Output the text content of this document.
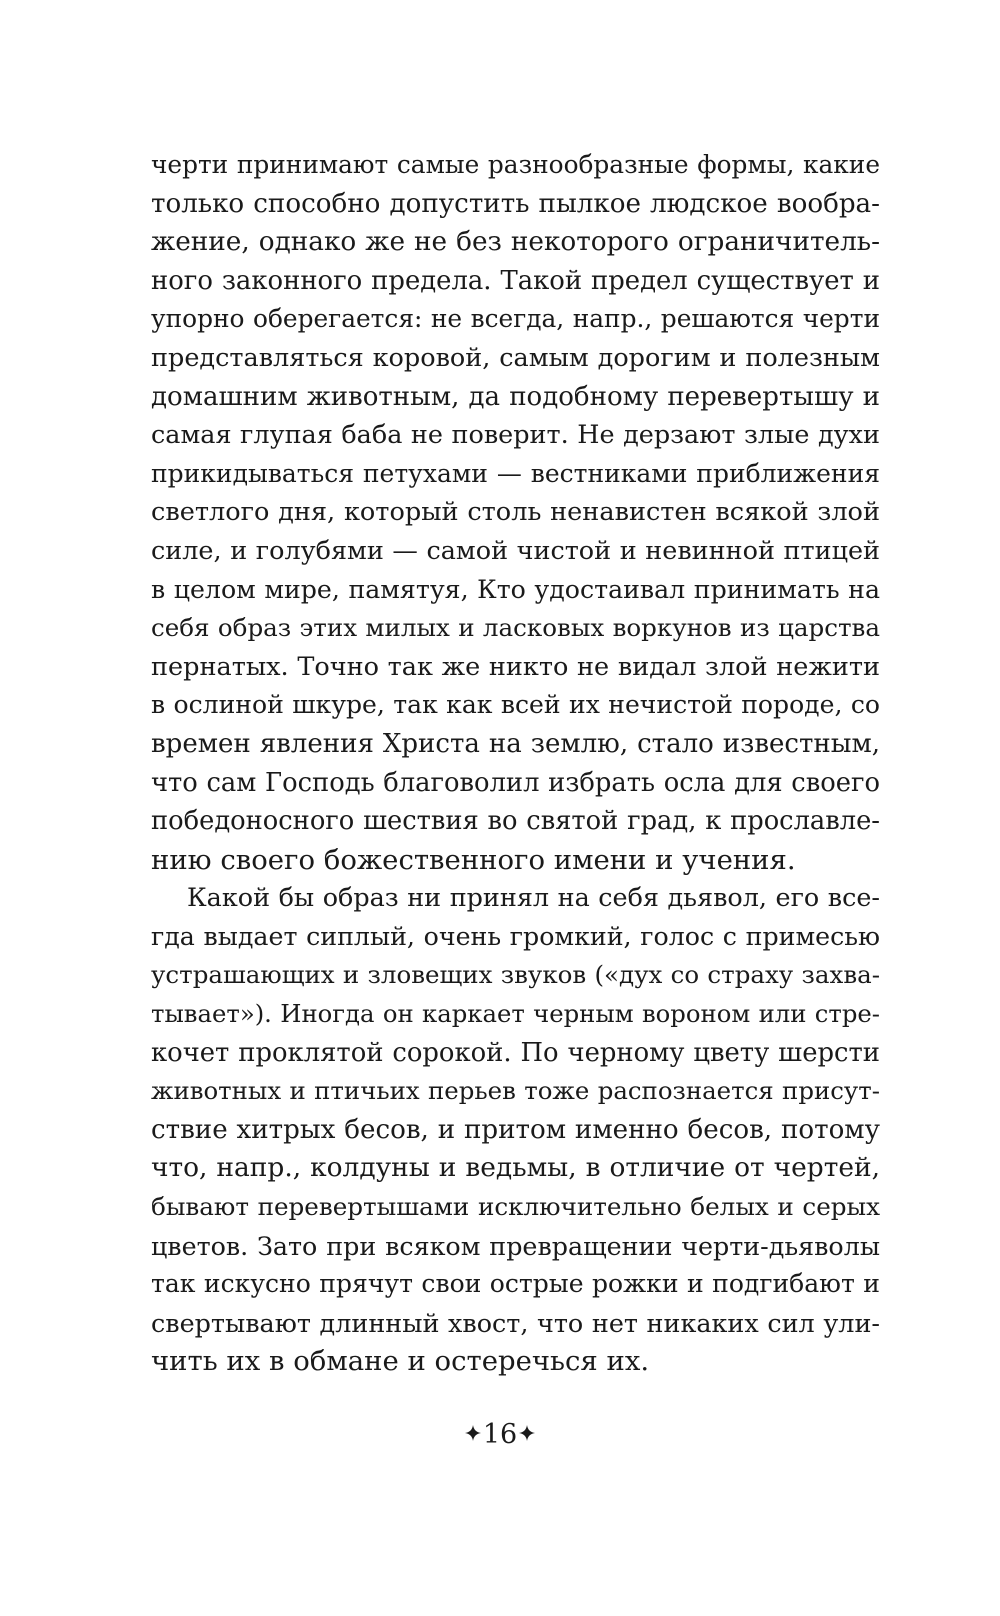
черти принимают самые разнообразные формы, какие
только способно допустить пылкое людское вообра-
жение, однако же не без некоторого ограничитель-
ного законного предела. Такой предел существует и
упорно оберегается: не всегда, напр., решаются черти
представляться коровой, самым дорогим и полезным
домашним животным, да подобному перевертышу и
самая глупая баба не поверит. Не дерзают злые духи
прикидываться петухами — вестниками приближения
светлого дня, который столь ненавистен всякой злой
силе, и голубями — самой чистой и невинной птицей
в целом мире, памятуя, Кто удостаивал принимать на
себя образ этих милых и ласковых воркунов из царства
пернатых. Точно так же никто не видал злой нежити
в ослиной шкуре, так как всей их нечистой породе, со
времен явления Христа на землю, стало известным,
что сам Господь благоволил избрать осла для своего
победоносного шествия во святой град, к прославле-
нию своего божественного имени и учения.
Какой бы образ ни принял на себя дьявол, его все-
гда выдает сиплый, очень громкий, голос с примесью
устрашающих и зловещих звуков («дух со страху захва-
тывает»). Иногда он каркает черным вороном или стре-
кочет проклятой сорокой. По черному цвету шерсти
животных и птичьих перьев тоже распознается присут-
ствие хитрых бесов, и притом именно бесов, потому
что, напр., колдуны и ведьмы, в отличие от чертей,
бывают перевертышами исключительно белых и серых
цветов. Зато при всяком превращении черти-дьяволы
так искусно прячут свои острые рожки и подгибают и
свертывают длинный хвост, что нет никаких сил ули-
чить их в обмане и остеречься их.
16
